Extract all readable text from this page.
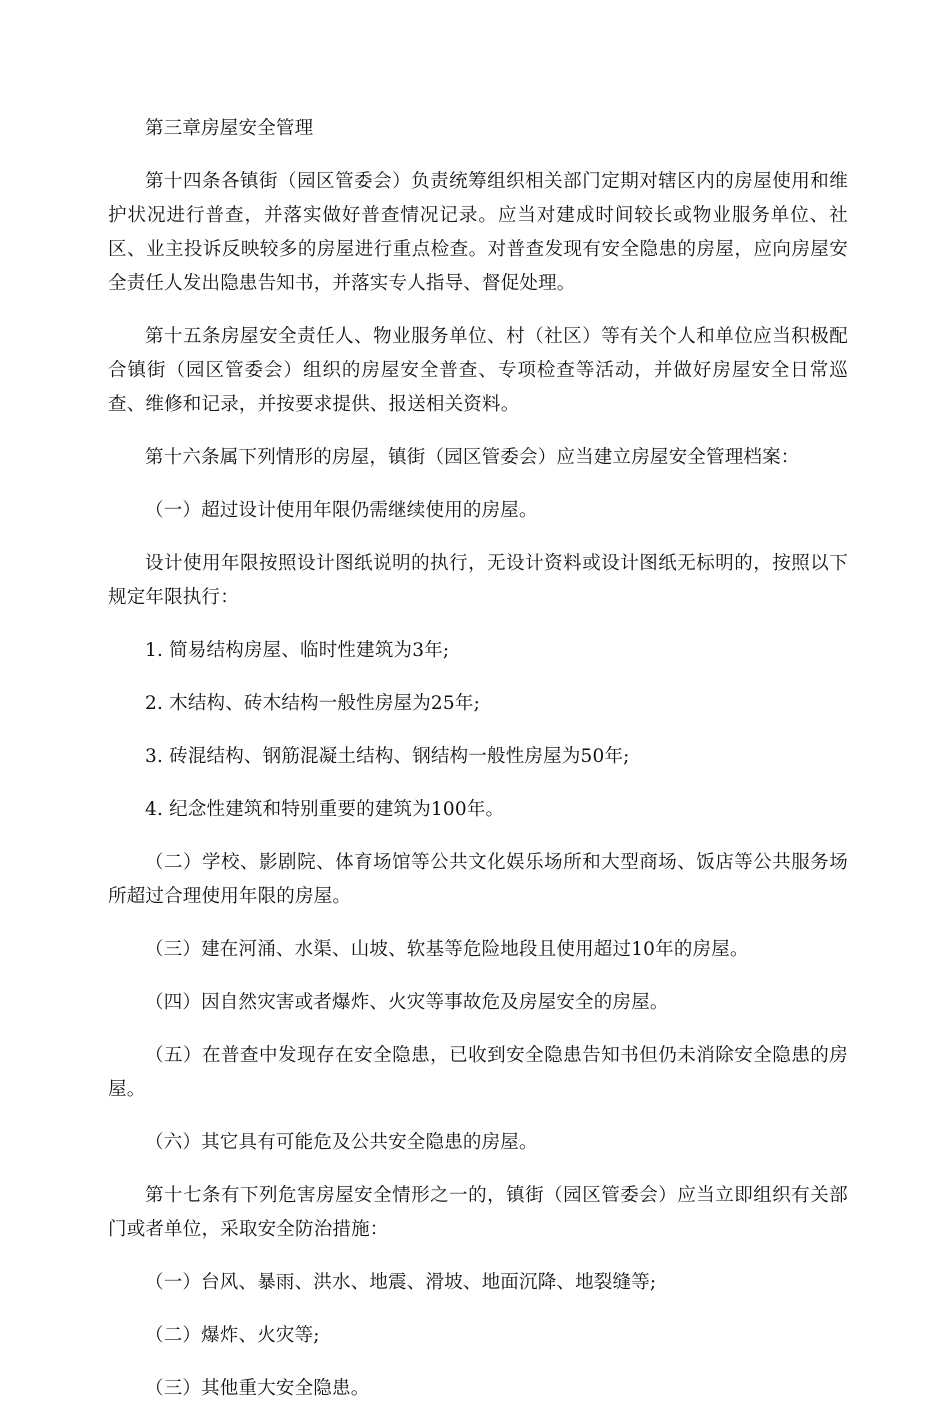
第三章房屋安全管理

第十四条各镇街（园区管委会）负责统筹组织相关部门定期对辖区内的房屋使用和维护状况进行普查，并落实做好普查情况记录。应当对建成时间较长或物业服务单位、社区、业主投诉反映较多的房屋进行重点检查。对普查发现有安全隐患的房屋，应向房屋安全责任人发出隐患告知书，并落实专人指导、督促处理。

第十五条房屋安全责任人、物业服务单位、村（社区）等有关个人和单位应当积极配合镇街（园区管委会）组织的房屋安全普查、专项检查等活动，并做好房屋安全日常巡查、维修和记录，并按要求提供、报送相关资料。

第十六条属下列情形的房屋，镇街（园区管委会）应当建立房屋安全管理档案：

（一）超过设计使用年限仍需继续使用的房屋。

设计使用年限按照设计图纸说明的执行，无设计资料或设计图纸无标明的，按照以下规定年限执行：

1. 简易结构房屋、临时性建筑为3年;

2. 木结构、砖木结构一般性房屋为25年;

3. 砖混结构、钢筋混凝土结构、钢结构一般性房屋为50年;

4. 纪念性建筑和特别重要的建筑为100年。

（二）学校、影剧院、体育场馆等公共文化娱乐场所和大型商场、饭店等公共服务场所超过合理使用年限的房屋。

（三）建在河涌、水渠、山坡、软基等危险地段且使用超过10年的房屋。

（四）因自然灾害或者爆炸、火灾等事故危及房屋安全的房屋。

（五）在普查中发现存在安全隐患，已收到安全隐患告知书但仍未消除安全隐患的房屋。

（六）其它具有可能危及公共安全隐患的房屋。

第十七条有下列危害房屋安全情形之一的，镇街（园区管委会）应当立即组织有关部门或者单位，采取安全防治措施：

（一）台风、暴雨、洪水、地震、滑坡、地面沉降、地裂缝等;

（二）爆炸、火灾等;

（三）其他重大安全隐患。
